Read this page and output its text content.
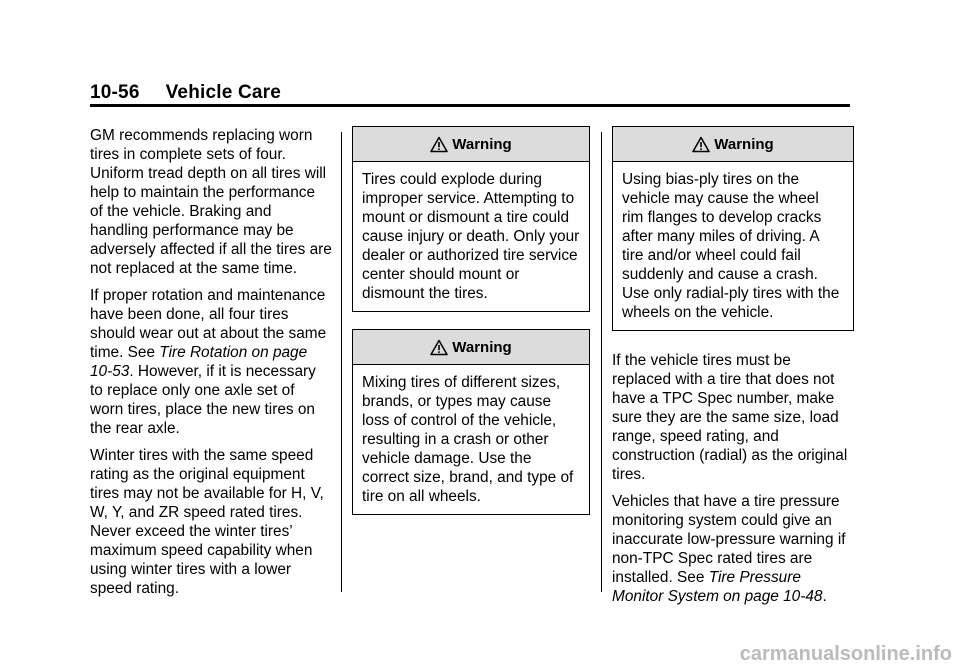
10-56 Vehicle Care

GM recommends replacing worn tires in complete sets of four. Uniform tread depth on all tires will help to maintain the performance of the vehicle. Braking and handling performance may be adversely affected if all the tires are not replaced at the same time.

If proper rotation and maintenance have been done, all four tires should wear out at about the same time. See Tire Rotation on page 10-53. However, if it is necessary to replace only one axle set of worn tires, place the new tires on the rear axle.

Winter tires with the same speed rating as the original equipment tires may not be available for H, V, W, Y, and ZR speed rated tires. Never exceed the winter tires’ maximum speed capability when using winter tires with a lower speed rating.

Warning
Tires could explode during improper service. Attempting to mount or dismount a tire could cause injury or death. Only your dealer or authorized tire service center should mount or dismount the tires.
Warning
Mixing tires of different sizes, brands, or types may cause loss of control of the vehicle, resulting in a crash or other vehicle damage. Use the correct size, brand, and type of tire on all wheels.
Warning
Using bias-ply tires on the vehicle may cause the wheel rim flanges to develop cracks after many miles of driving. A tire and/or wheel could fail suddenly and cause a crash. Use only radial-ply tires with the wheels on the vehicle.

If the vehicle tires must be replaced with a tire that does not have a TPC Spec number, make sure they are the same size, load range, speed rating, and construction (radial) as the original tires.

Vehicles that have a tire pressure monitoring system could give an inaccurate low-pressure warning if non-TPC Spec rated tires are installed. See Tire Pressure Monitor System on page 10-48.

carmanualsonline.info
